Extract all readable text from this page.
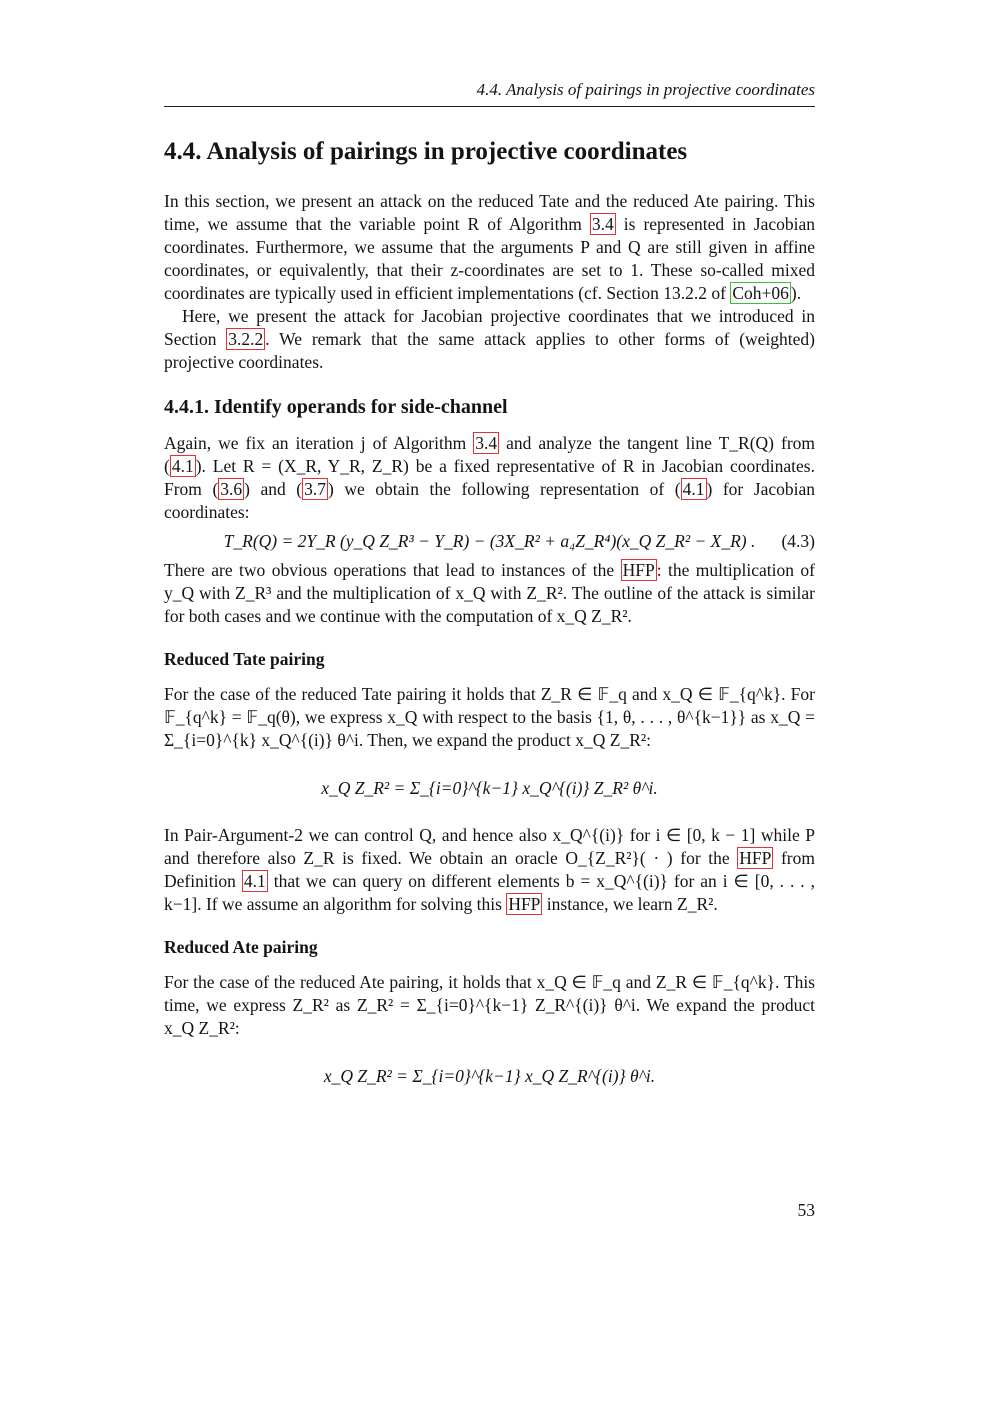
4.4. Analysis of pairings in projective coordinates
4.4. Analysis of pairings in projective coordinates

In this section, we present an attack on the reduced Tate and the reduced Ate pairing. This time, we assume that the variable point R of Algorithm 3.4 is represented in Jacobian coordinates. Furthermore, we assume that the arguments P and Q are still given in affine coordinates, or equivalently, that their z-coordinates are set to 1. These so-called mixed coordinates are typically used in efficient implementations (cf. Section 13.2.2 of Coh+06 ).

Here, we present the attack for Jacobian projective coordinates that we introduced in Section 3.2.2 . We remark that the same attack applies to other forms of (weighted) projective coordinates.

4.4.1. Identify operands for side-channel

Again, we fix an iteration j of Algorithm 3.4 and analyze the tangent line T_R(Q) from ( 4.1 ). Let R = (X_R, Y_R, Z_R) be a fixed representative of R in Jacobian coordinates. From ( 3.6 ) and ( 3.7 ) we obtain the following representation of ( 4.1 ) for Jacobian coordinates:

T_R(Q) = 2Y_R (y_Q Z_R³ − Y_R) − (3X_R² + a₄Z_R⁴)(x_Q Z_R² − X_R) . (4.3)

There are two obvious operations that lead to instances of the HFP : the multiplication of y_Q with Z_R³ and the multiplication of x_Q with Z_R². The outline of the attack is similar for both cases and we continue with the computation of x_Q Z_R².

Reduced Tate pairing

For the case of the reduced Tate pairing it holds that Z_R ∈ 𝔽_q and x_Q ∈ 𝔽_{q^k}. For 𝔽_{q^k} = 𝔽_q(θ), we express x_Q with respect to the basis {1, θ, . . . , θ^{k−1}} as x_Q = Σ_{i=0}^{k} x_Q^{(i)} θ^i. Then, we expand the product x_Q Z_R²:

x_Q Z_R² = Σ_{i=0}^{k−1} x_Q^{(i)} Z_R² θ^i.

In Pair-Argument-2 we can control Q, and hence also x_Q^{(i)} for i ∈ [0, k − 1] while P and therefore also Z_R is fixed. We obtain an oracle O_{Z_R²}( · ) for the HFP from Definition 4.1 that we can query on different elements b = x_Q^{(i)} for an i ∈ [0, . . . , k−1]. If we assume an algorithm for solving this HFP instance, we learn Z_R².

Reduced Ate pairing

For the case of the reduced Ate pairing, it holds that x_Q ∈ 𝔽_q and Z_R ∈ 𝔽_{q^k}. This time, we express Z_R² as Z_R² = Σ_{i=0}^{k−1} Z_R^{(i)} θ^i. We expand the product x_Q Z_R²:

x_Q Z_R² = Σ_{i=0}^{k−1} x_Q Z_R^{(i)} θ^i.
53
